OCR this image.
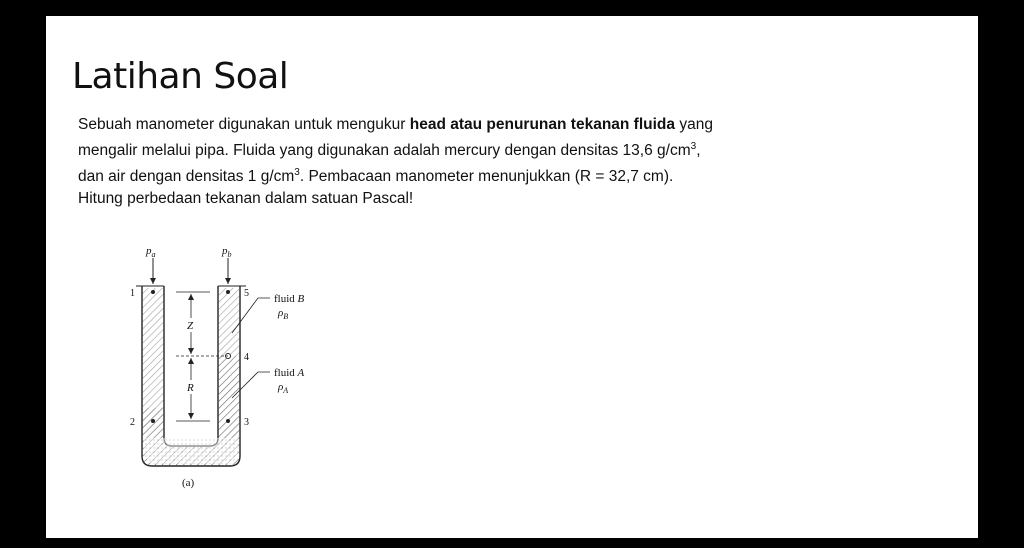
Latihan Soal
Sebuah manometer digunakan untuk mengukur head atau penurunan tekanan fluida yang
mengalir melalui pipa. Fluida yang digunakan adalah mercury dengan densitas 13,6 $g/cm^3$,
dan air dengan densitas 1 $g/cm^3$. Pembacaan manometer menunjukkan (R = 32,7 cm).
Hitung perbedaan tekanan dalam satuan Pascal!
$p_a$	$p_b$
1
2	3
4
5
Z
R
fluid B
$\rho_B$
fluid A
$\rho_A$
(a)
